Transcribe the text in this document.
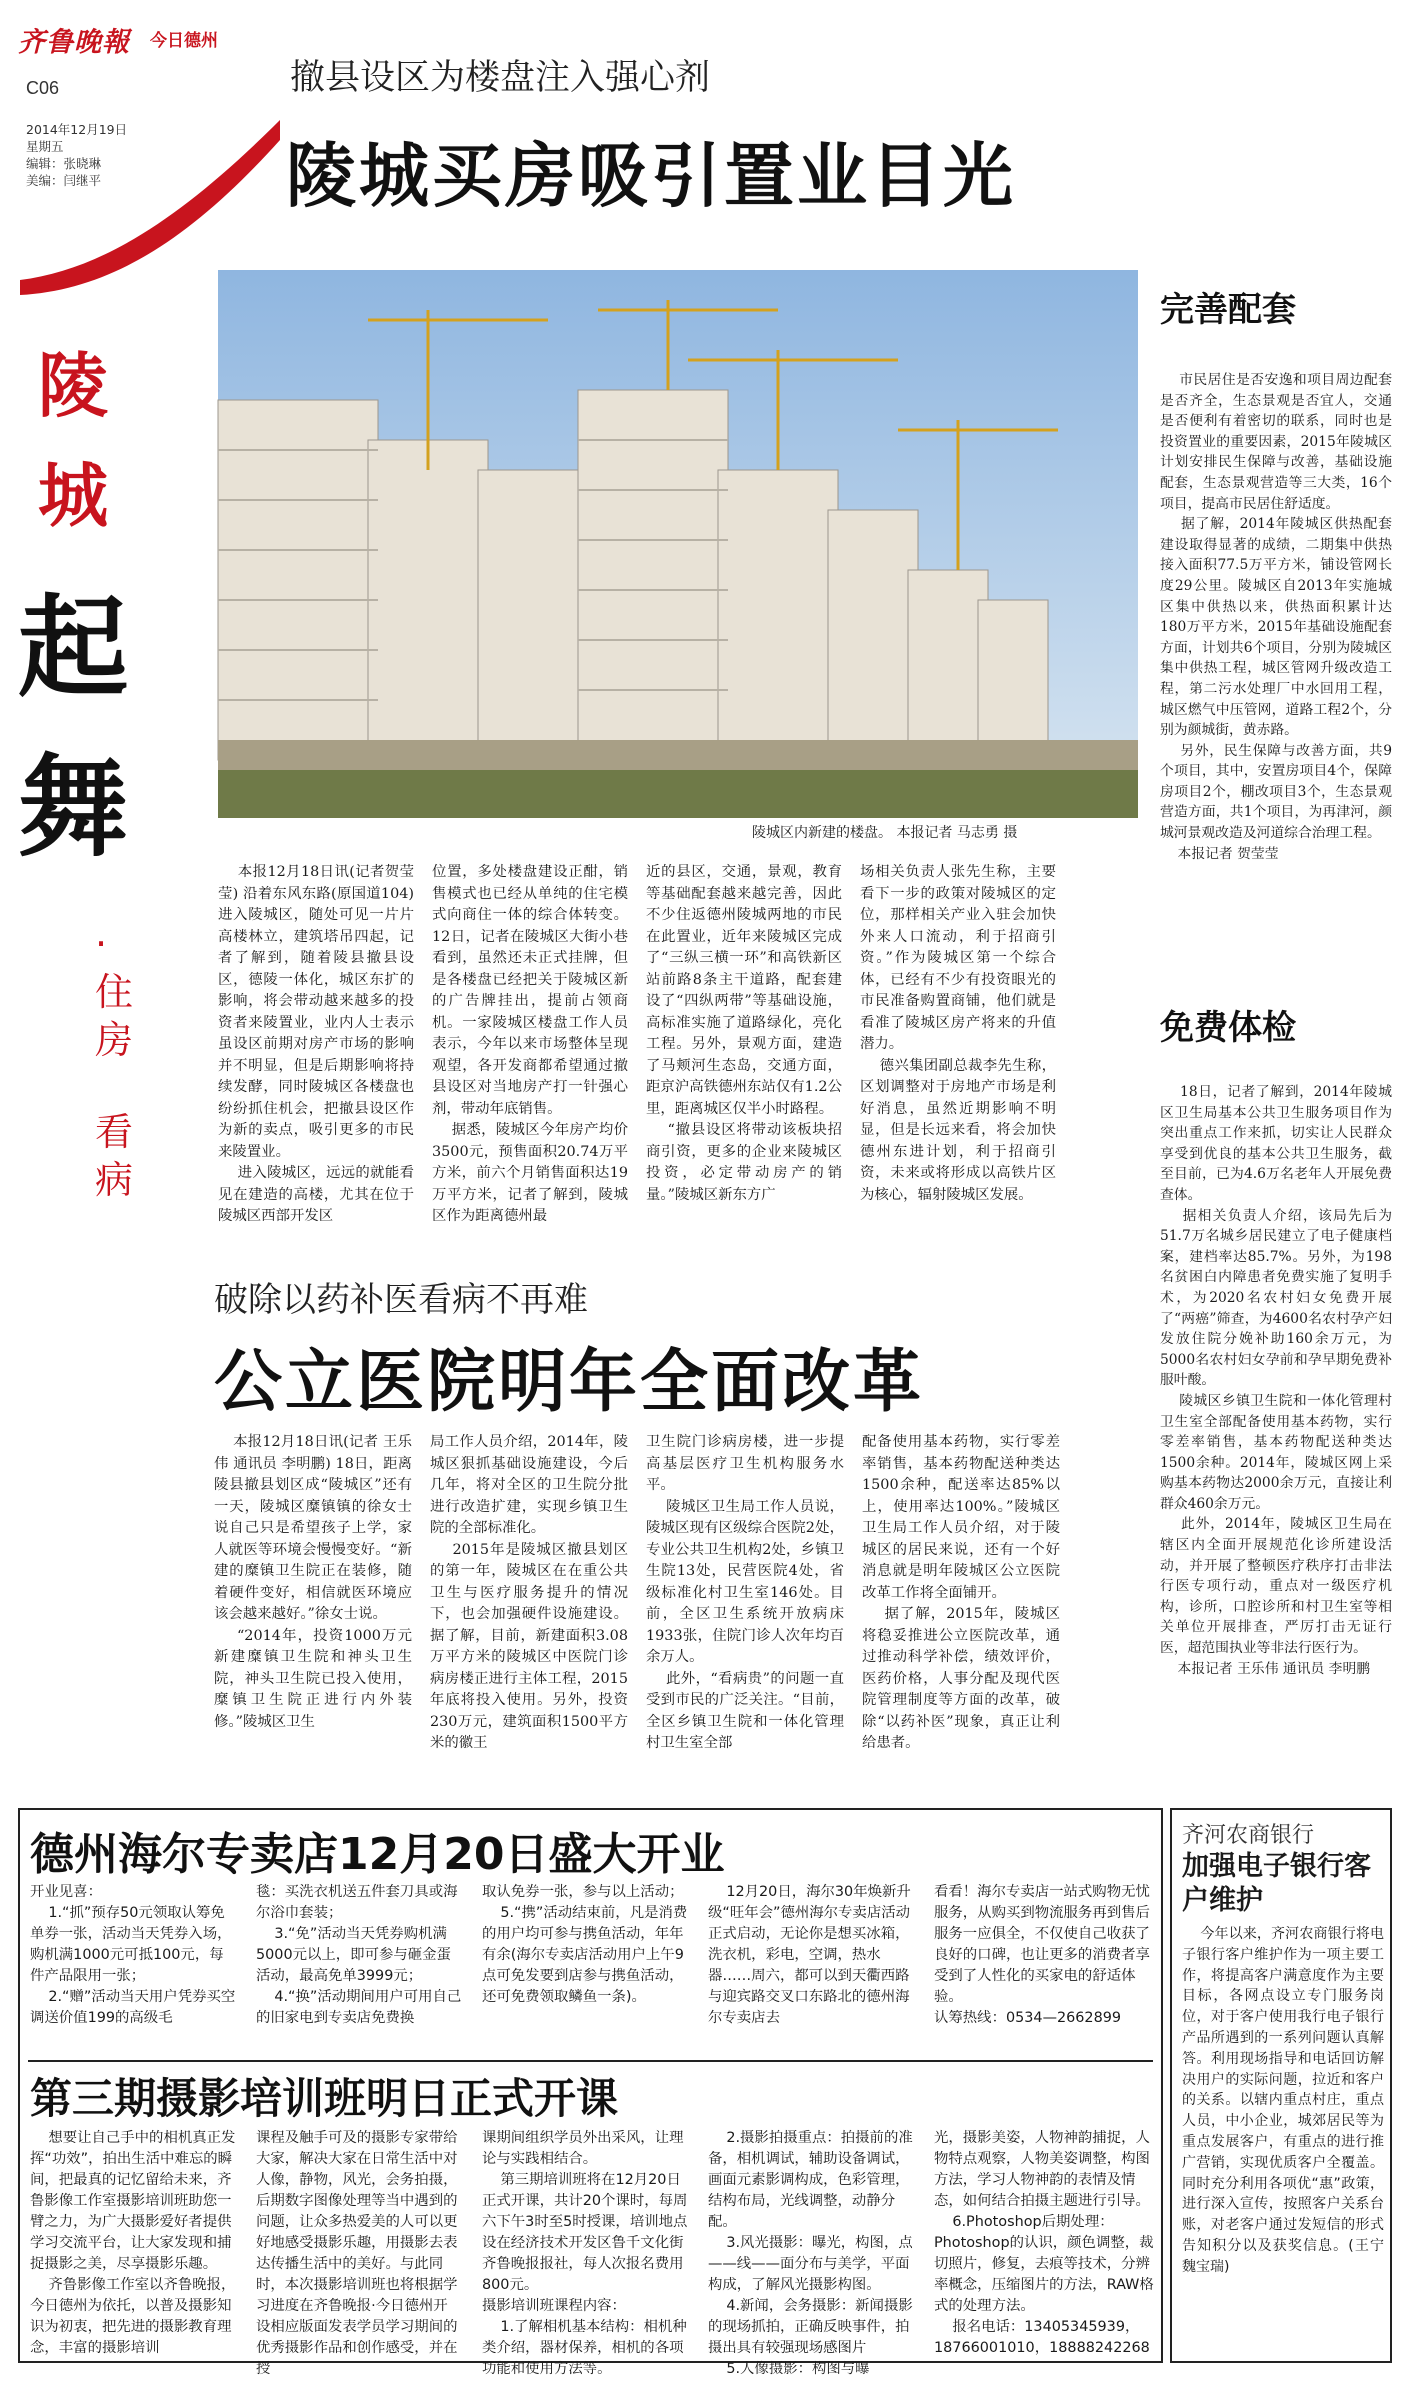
齐鲁晚報 今日德州
C06
2014年12月19日
星期五
编辑：张晓琳
美编：闫继平
陵
城
起
舞
·住房
看病
撤县设区为楼盘注入强心剂
陵城买房吸引置业目光
陵城区内新建的楼盘。 本报记者 马志勇 摄
本报12月18日讯(记者贺莹莹) 沿着东风东路(原国道104)进入陵城区，随处可见一片片高楼林立，建筑塔吊四起，记者了解到，随着陵县撤县设区，德陵一体化，城区东扩的影响，将会带动越来越多的投资者来陵置业，业内人士表示虽设区前期对房产市场的影响并不明显，但是后期影响将持续发酵，同时陵城区各楼盘也纷纷抓住机会，把撤县设区作为新的卖点，吸引更多的市民来陵置业。
进入陵城区，远远的就能看见在建造的高楼，尤其在位于陵城区西部开发区
位置，多处楼盘建设正酣，销售模式也已经从单纯的住宅模式向商住一体的综合体转变。12日，记者在陵城区大街小巷看到，虽然还未正式挂牌，但是各楼盘已经把关于陵城区新的广告牌挂出，提前占领商机。一家陵城区楼盘工作人员表示，今年以来市场整体呈现观望，各开发商都希望通过撤县设区对当地房产打一针强心剂，带动年底销售。
据悉，陵城区今年房产均价3500元，预售面积20.74万平方米，前六个月销售面积达19万平方米，记者了解到，陵城区作为距离德州最
近的县区，交通，景观，教育等基础配套越来越完善，因此不少住返德州陵城两地的市民在此置业，近年来陵城区完成了“三纵三横一环”和高铁新区站前路8条主干道路，配套建设了“四纵两带”等基础设施，高标准实施了道路绿化，亮化工程。另外，景观方面，建造了马颊河生态岛，交通方面，距京沪高铁德州东站仅有1.2公里，距离城区仅半小时路程。
“撤县设区将带动该板块招商引资，更多的企业来陵城区投资，必定带动房产的销量。”陵城区新东方广
场相关负责人张先生称，主要看下一步的政策对陵城区的定位，那样相关产业入驻会加快外来人口流动，利于招商引资。”作为陵城区第一个综合体，已经有不少有投资眼光的市民准备购置商铺，他们就是看准了陵城区房产将来的升值潜力。
德兴集团副总裁李先生称，区划调整对于房地产市场是利好消息，虽然近期影响不明显，但是长远来看，将会加快德州东进计划，利于招商引资，未来或将形成以高铁片区为核心，辐射陵城区发展。
完善配套
市民居住是否安逸和项目周边配套是否齐全，生态景观是否宜人，交通是否便利有着密切的联系，同时也是投资置业的重要因素，2015年陵城区计划安排民生保障与改善，基础设施配套，生态景观营造等三大类，16个项目，提高市民居住舒适度。
据了解，2014年陵城区供热配套建设取得显著的成绩，二期集中供热接入面积77.5万平方米，铺设管网长度29公里。陵城区自2013年实施城区集中供热以来，供热面积累计达180万平方米，2015年基础设施配套方面，计划共6个项目，分别为陵城区集中供热工程，城区管网升级改造工程，第二污水处理厂中水回用工程，城区燃气中压管网，道路工程2个，分别为颜城街，黄赤路。
另外，民生保障与改善方面，共9个项目，其中，安置房项目4个，保障房项目2个，棚改项目3个，生态景观营造方面，共1个项目，为再津河，颜城河景观改造及河道综合治理工程。
本报记者 贺莹莹
破除以药补医看病不再难
公立医院明年全面改革
本报12月18日讯(记者 王乐伟 通讯员 李明鹏) 18日，距离陵县撤县划区成“陵城区”还有一天，陵城区糜镇镇的徐女士说自己只是希望孩子上学，家人就医等环境会慢慢变好。“新建的糜镇卫生院正在装修，随着硬件变好，相信就医环境应该会越来越好。”徐女士说。
“2014年，投资1000万元新建糜镇卫生院和神头卫生院，神头卫生院已投入使用，糜镇卫生院正进行内外装修。”陵城区卫生
局工作人员介绍，2014年，陵城区狠抓基础设施建设，今后几年，将对全区的卫生院分批进行改造扩建，实现乡镇卫生院的全部标准化。
2015年是陵城区撤县划区的第一年，陵城区在在重公共卫生与医疗服务提升的情况下，也会加强硬件设施建设。据了解，目前，新建面积3.08万平方米的陵城区中医院门诊病房楼正进行主体工程，2015年底将投入使用。另外，投资230万元，建筑面积1500平方米的徽王
卫生院门诊病房楼，进一步提高基层医疗卫生机构服务水平。
陵城区卫生局工作人员说，陵城区现有区级综合医院2处，专业公共卫生机构2处，乡镇卫生院13处，民营医院4处，省级标准化村卫生室146处。目前，全区卫生系统开放病床1933张，住院门诊人次年均百余万人。
此外，“看病贵”的问题一直受到市民的广泛关注。“目前，全区乡镇卫生院和一体化管理村卫生室全部
配备使用基本药物，实行零差率销售，基本药物配送种类达1500余种，配送率达85%以上，使用率达100%。”陵城区卫生局工作人员介绍，对于陵城区的居民来说，还有一个好消息就是明年陵城区公立医院改革工作将全面铺开。
据了解，2015年，陵城区将稳妥推进公立医院改革，通过推动科学补偿，绩效评价，医药价格，人事分配及现代医院管理制度等方面的改革，破除“以药补医”现象，真正让利给患者。
免费体检
18日，记者了解到，2014年陵城区卫生局基本公共卫生服务项目作为突出重点工作来抓，切实让人民群众享受到优良的基本公共卫生服务，截至目前，已为4.6万名老年人开展免费查体。
据相关负责人介绍，该局先后为51.7万名城乡居民建立了电子健康档案，建档率达85.7%。另外，为198名贫困白内障患者免费实施了复明手术，为2020名农村妇女免费开展了“两癌”筛查，为4600名农村孕产妇发放住院分娩补助160余万元，为5000名农村妇女孕前和孕早期免费补服叶酸。
陵城区乡镇卫生院和一体化管理村卫生室全部配备使用基本药物，实行零差率销售，基本药物配送种类达1500余种。2014年，陵城区网上采购基本药物达2000余万元，直接让利群众460余万元。
此外，2014年，陵城区卫生局在辖区内全面开展规范化诊所建设活动，并开展了整顿医疗秩序打击非法行医专项行动，重点对一级医疗机构，诊所，口腔诊所和村卫生室等相关单位开展排查，严厉打击无证行医，超范围执业等非法行医行为。
本报记者 王乐伟 通讯员 李明鹏
德州海尔专卖店12月20日盛大开业
开业见喜：
1.“抓”预存50元领取认筹免单券一张，活动当天凭券入场，购机满1000元可抵100元，每件产品限用一张；
2.“赠”活动当天用户凭券买空调送价值199的高级毛
毯：买洗衣机送五件套刀具或海尔浴巾套装；
3.“免”活动当天凭券购机满5000元以上，即可参与砸金蛋活动，最高免单3999元；
4.“换”活动期间用户可用自己的旧家电到专卖店免费换
取认免券一张，参与以上活动；
5.“携”活动结束前，凡是消费的用户均可参与携鱼活动，年年有余(海尔专卖店活动用户上午9点可免发要到店参与携鱼活动，还可免费领取鳞鱼一条)。
12月20日，海尔30年焕新升级“旺年会”德州海尔专卖店活动正式启动，无论你是想买冰箱，洗衣机，彩电，空调，热水器……周六，都可以到天衢西路与迎宾路交叉口东路北的德州海尔专卖店去
看看！海尔专卖店一站式购物无忧服务，从购买到物流服务再到售后服务一应俱全，不仅使自己收获了良好的口碑，也让更多的消费者享受到了人性化的买家电的舒适体验。
认筹热线：0534—2662899
第三期摄影培训班明日正式开课
想要让自己手中的相机真正发挥“功效”，拍出生活中难忘的瞬间，把最真的记忆留给未来，齐鲁影像工作室摄影培训班助您一臂之力，为广大摄影爱好者提供学习交流平台，让大家发现和捕捉摄影之美，尽享摄影乐趣。
齐鲁影像工作室以齐鲁晚报，今日德州为依托，以普及摄影知识为初衷，把先进的摄影教育理念，丰富的摄影培训
课程及触手可及的摄影专家带给大家，解决大家在日常生活中对人像，静物，风光，会务拍摄，后期数字图像处理等当中遇到的问题，让众多热爱美的人可以更好地感受摄影乐趣，用摄影去表达传播生活中的美好。与此同时，本次摄影培训班也将根据学习进度在齐鲁晚报·今日德州开设相应版面发表学员学习期间的优秀摄影作品和创作感受，并在授
课期间组织学员外出采风，让理论与实践相结合。
第三期培训班将在12月20日正式开课，共计20个课时，每周六下午3时至5时授课，培训地点设在经济技术开发区鲁千文化街齐鲁晚报报社，每人次报名费用800元。
摄影培训班课程内容：
1.了解相机基本结构：相机种类介绍，器材保养，相机的各项功能和使用方法等。
2.摄影拍摄重点：拍摄前的准备，相机调试，辅助设备调试，画面元素影调构成，色彩管理，结构布局，光线调整，动静分配。
3.风光摄影：曝光，构图，点——线——面分布与美学，平面构成，了解风光摄影构图。
4.新闻，会务摄影：新闻摄影的现场抓拍，正确反映事件，拍摄出具有较强现场感图片
5.人像摄影：构图与曝
光，摄影美姿，人物神韵捕捉，人物特点观察，人物美姿调整，构图方法，学习人物神韵的表情及情态，如何结合拍摄主题进行引导。
6.Photoshop后期处理：Photoshop的认识，颜色调整，裁切照片，修复，去痕等技术，分辨率概念，压缩图片的方法，RAW格式的处理方法。
报名电话：13405345939，18766001010，18888242268
齐河农商银行
加强电子银行客户维护
今年以来，齐河农商银行将电子银行客户维护作为一项主要工作，将提高客户满意度作为主要目标，各网点设立专门服务岗位，对于客户使用我行电子银行产品所遇到的一系列问题认真解答。利用现场指导和电话回访解决用户的实际问题，拉近和客户的关系。以辖内重点村庄，重点人员，中小企业，城郊居民等为重点发展客户，有重点的进行推广营销，实现优质客户全覆盖。同时充分利用各项优“惠”政策，进行深入宣传，按照客户关系台账，对老客户通过发短信的形式告知积分以及获奖信息。(王宁 魏宝瑞)
